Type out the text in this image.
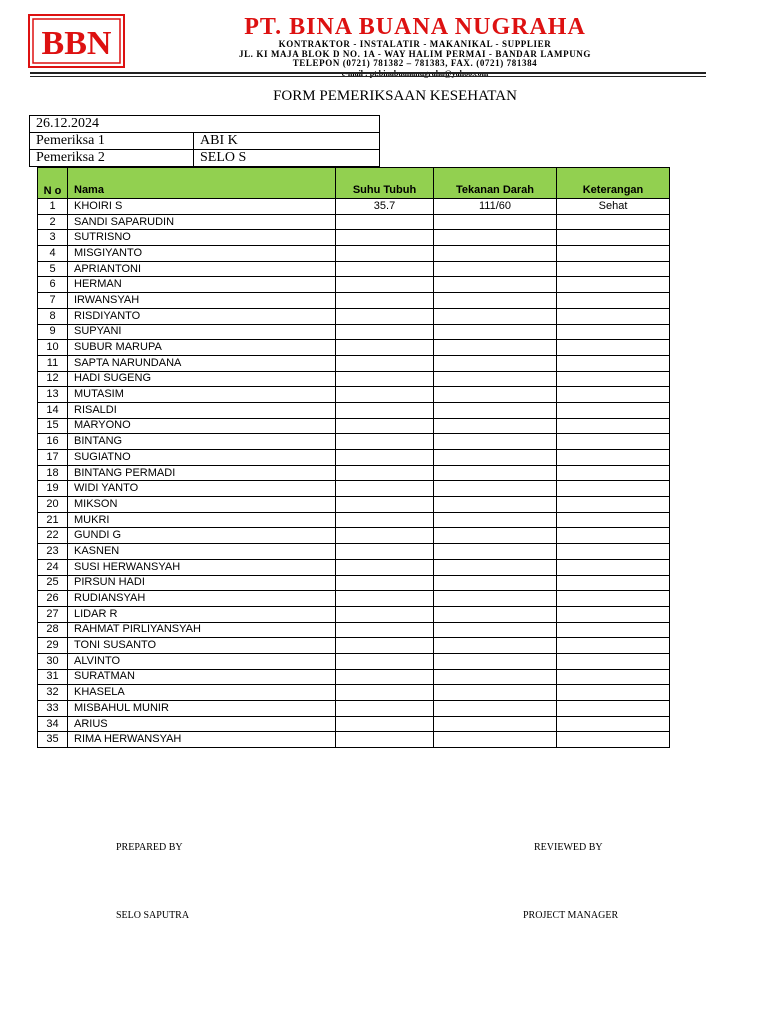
BBN	PT. BINA BUANA NUGRAHA
KONTRAKTOR - INSTALATIR - MAKANIKAL - SUPPLIER
JL. KI MAJA BLOK D NO. 1A - WAY HALIM PERMAI - BANDAR LAMPUNG
TELEPON (0721) 781382 – 781383, FAX. (0721) 781384
FORM PEMERIKSAAN KESEHATAN
26.12.2024	
Pemeriksa 1	ABI K
Pemeriksa 2	SELO S
N o	Nama	Suhu Tubuh	Tekanan Darah	Keterangan
1	KHOIRI S	35.7	111/60	Sehat
2	SANDI SAPARUDIN			
3	SUTRISNO			
4	MISGIYANTO			
5	APRIANTONI			
6	HERMAN			
7	IRWANSYAH			
8	RISDIYANTO			
9	SUPYANI			
10	SUBUR MARUPA			
11	SAPTA NARUNDANA			
12	HADI SUGENG			
13	MUTASIM			
14	RISALDI			
15	MARYONO			
16	BINTANG			
17	SUGIATNO			
18	BINTANG PERMADI			
19	WIDI YANTO			
20	MIKSON			
21	MUKRI			
22	GUNDI G			
23	KASNEN			
24	SUSI HERWANSYAH			
25	PIRSUN HADI			
26	RUDIANSYAH			
27	LIDAR R			
28	RAHMAT PIRLIYANSYAH			
29	TONI SUSANTO			
30	ALVINTO			
31	SURATMAN			
32	KHASELA			
33	MISBAHUL MUNIR			
34	ARIUS			
35	RIMA HERWANSYAH			
PREPARED BY	REVIEWED BY
SELO SAPUTRA	PROJECT MANAGER
